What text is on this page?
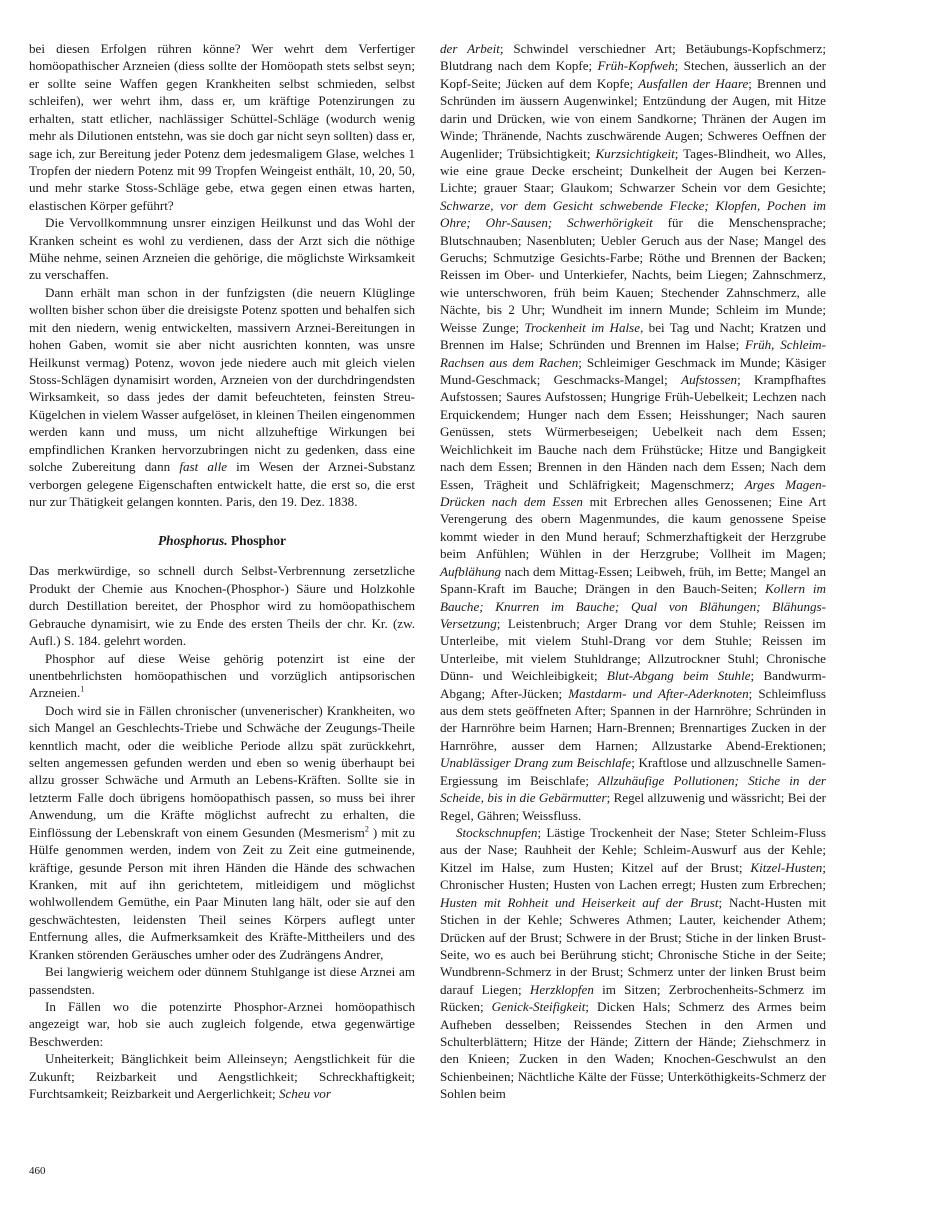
bei diesen Erfolgen rühren könne? Wer wehrt dem Verfertiger homöopathischer Arzneien (diess sollte der Homöopath stets selbst seyn; er sollte seine Waffen gegen Krankheiten selbst schmieden, selbst schleifen), wer wehrt ihm, dass er, um kräftige Potenzirungen zu erhalten, statt etlicher, nachlässiger Schüttel-Schläge (wodurch wenig mehr als Dilutionen entstehn, was sie doch gar nicht seyn sollten) dass er, sage ich, zur Bereitung jeder Potenz dem jedesmaligem Glase, welches 1 Tropfen der niedern Potenz mit 99 Tropfen Weingeist enthält, 10, 20, 50, und mehr starke Stoss-Schläge gebe, etwa gegen einen etwas harten, elastischen Körper geführt?

Die Vervollkommnung unsrer einzigen Heilkunst und das Wohl der Kranken scheint es wohl zu verdienen, dass der Arzt sich die nöthige Mühe nehme, seinen Arzneien die gehörige, die möglichste Wirksamkeit zu verschaffen.

Dann erhält man schon in der funfzigsten (die neuern Klüglinge wollten bisher schon über die dreisigste Potenz spotten und behalfen sich mit den niedern, wenig entwickelten, massivern Arznei-Bereitungen in hohen Gaben, womit sie aber nicht ausrichten konnten, was unsre Heilkunst vermag) Potenz, wovon jede niedere auch mit gleich vielen Stoss-Schlägen dynamisirt worden, Arzneien von der durchdringendsten Wirksamkeit, so dass jedes der damit befeuchteten, feinsten Streu-Kügelchen in vielem Wasser aufgelöset, in kleinen Theilen eingenommen werden kann und muss, um nicht allzuheftige Wirkungen bei empfindlichen Kranken hervorzubringen nicht zu gedenken, dass eine solche Zubereitung dann fast alle im Wesen der Arznei-Substanz verborgen gelegene Eigenschaften entwickelt hatte, die erst so, die erst nur zur Thätigkeit gelangen konnten. Paris, den 19. Dez. 1838.

Phosphorus. Phosphor

Das merkwürdige, so schnell durch Selbst-Verbrennung zersetzliche Produkt der Chemie aus Knochen-(Phosphor-) Säure und Holzkohle durch Destillation bereitet, der Phosphor wird zu homöopathischem Gebrauche dynamisirt, wie zu Ende des ersten Theils der chr. Kr. (zw. Aufl.) S. 184. gelehrt worden.

Phosphor auf diese Weise gehörig potenzirt ist eine der unentbehrlichsten homöopathischen und vorzüglich antipsorischen Arzneien.$^1$

Doch wird sie in Fällen chronischer (unvenerischer) Krankheiten, wo sich Mangel an Geschlechts-Triebe und Schwäche der Zeugungs-Theile kenntlich macht, oder die weibliche Periode allzu spät zurückkehrt, selten angemessen gefunden werden und eben so wenig überhaupt bei allzu grosser Schwäche und Armuth an Lebens-Kräften. Sollte sie in letzterm Falle doch übrigens homöopathisch passen, so muss bei ihrer Anwendung, um die Kräfte möglichst aufrecht zu erhalten, die Einflössung der Lebenskraft von einem Gesunden (Mesmerism$^2$ ) mit zu Hülfe genommen werden, indem von Zeit zu Zeit eine gutmeinende, kräftige, gesunde Person mit ihren Händen die Hände des schwachen Kranken, mit auf ihn gerichtetem, mitleidigem und möglichst wohlwollendem Gemüthe, ein Paar Minuten lang hält, oder sie auf den geschwächtesten, leidensten Theil seines Körpers auflegt unter Entfernung alles, die Aufmerksamkeit des Kräfte-Mittheilers und des Kranken störenden Geräusches umher oder des Zudrängens Andrer,

Bei langwierig weichem oder dünnem Stuhlgange ist diese Arznei am passendsten.

In Fällen wo die potenzirte Phosphor-Arznei homöopathisch angezeigt war, hob sie auch zugleich folgende, etwa gegenwärtige Beschwerden:

Unheiterkeit; Bänglichkeit beim Alleinseyn; Aengstlichkeit für die Zukunft; Reizbarkeit und Aengstlichkeit; Schreckhaftigkeit; Furchtsamkeit; Reizbarkeit und Aergerlichkeit; Scheu vor

der Arbeit; Schwindel verschiedner Art; Betäubungs-Kopfschmerz; Blutdrang nach dem Kopfe; Früh-Kopfweh; Stechen, äusserlich an der Kopf-Seite; Jücken auf dem Kopfe; Ausfallen der Haare; Brennen und Schründen im äussern Augenwinkel; Entzündung der Augen, mit Hitze darin und Drücken, wie von einem Sandkorne; Thränen der Augen im Winde; Thränende, Nachts zuschwärende Augen; Schweres Oeffnen der Augenlider; Trübsichtigkeit; Kurzsichtigkeit; Tages-Blindheit, wo Alles, wie eine graue Decke erscheint; Dunkelheit der Augen bei Kerzen-Lichte; grauer Staar; Glaukom; Schwarzer Schein vor dem Gesichte; Schwarze, vor dem Gesicht schwebende Flecke; Klopfen, Pochen im Ohre; Ohr-Sausen; Schwerhörigkeit für die Menschensprache; Blutschnauben; Nasenbluten; Uebler Geruch aus der Nase; Mangel des Geruchs; Schmutzige Gesichts-Farbe; Röthe und Brennen der Backen; Reissen im Ober- und Unterkiefer, Nachts, beim Liegen; Zahnschmerz, wie unterschworen, früh beim Kauen; Stechender Zahnschmerz, alle Nächte, bis 2 Uhr; Wundheit im innern Munde; Schleim im Munde; Weisse Zunge; Trockenheit im Halse, bei Tag und Nacht; Kratzen und Brennen im Halse; Schründen und Brennen im Halse; Früh, Schleim-Rachsen aus dem Rachen; Schleimiger Geschmack im Munde; Käsiger Mund-Geschmack; Geschmacks-Mangel; Aufstossen; Krampfhaftes Aufstossen; Saures Aufstossen; Hungrige Früh-Uebelkeit; Lechzen nach Erquickendem; Hunger nach dem Essen; Heisshunger; Nach sauren Genüssen, stets Würmerbeseigen; Uebelkeit nach dem Essen; Weichlichkeit im Bauche nach dem Frühstücke; Hitze und Bangigkeit nach dem Essen; Brennen in den Händen nach dem Essen; Nach dem Essen, Trägheit und Schläfrigkeit; Magenschmerz; Arges Magen-Drücken nach dem Essen mit Erbrechen alles Genossenen; Eine Art Verengerung des obern Magenmundes, die kaum genossene Speise kommt wieder in den Mund herauf; Schmerzhaftigkeit der Herzgrube beim Anfühlen; Wühlen in der Herzgrube; Vollheit im Magen; Aufblähung nach dem Mittag-Essen; Leibweh, früh, im Bette; Mangel an Spann-Kraft im Bauche; Drängen in den Bauch-Seiten; Kollern im Bauche; Knurren im Bauche; Qual von Blähungen; Blähungs-Versetzung; Leistenbruch; Arger Drang vor dem Stuhle; Reissen im Unterleibe, mit vielem Stuhl-Drang vor dem Stuhle; Reissen im Unterleibe, mit vielem Stuhldrange; Allzutrockner Stuhl; Chronische Dünn- und Weichleibigkeit; Blut-Abgang beim Stuhle; Bandwurm-Abgang; After-Jücken; Mastdarm- und After-Aderknoten; Schleimfluss aus dem stets geöffneten After; Spannen in der Harnröhre; Schründen in der Harnröhre beim Harnen; Harn-Brennen; Brennartiges Zucken in der Harnröhre, ausser dem Harnen; Allzustarke Abend-Erektionen; Unablässiger Drang zum Beischlafe; Kraftlose und allzuschnelle Samen-Ergiessung im Beischlafe; Allzuhäufige Pollutionen; Stiche in der Scheide, bis in die Gebärmutter; Regel allzuwenig und wässricht; Bei der Regel, Gähren; Weissfluss.

Stockschnupfen; Lästige Trockenheit der Nase; Steter Schleim-Fluss aus der Nase; Rauhheit der Kehle; Schleim-Auswurf aus der Kehle; Kitzel im Halse, zum Husten; Kitzel auf der Brust; Kitzel-Husten; Chronischer Husten; Husten von Lachen erregt; Husten zum Erbrechen; Husten mit Rohheit und Heiserkeit auf der Brust; Nacht-Husten mit Stichen in der Kehle; Schweres Athmen; Lauter, keichender Athem; Drücken auf der Brust; Schwere in der Brust; Stiche in der linken Brust-Seite, wo es auch bei Berührung sticht; Chronische Stiche in der Seite; Wundbrenn-Schmerz in der Brust; Schmerz unter der linken Brust beim darauf Liegen; Herzklopfen im Sitzen; Zerbrochenheits-Schmerz im Rücken; Genick-Steifigkeit; Dicken Hals; Schmerz des Armes beim Aufheben desselben; Reissendes Stechen in den Armen und Schulterblättern; Hitze der Hände; Zittern der Hände; Ziehschmerz in den Knieen; Zucken in den Waden; Knochen-Geschwulst an den Schienbeinen; Nächtliche Kälte der Füsse; Unterköthigkeits-Schmerz der Sohlen beim

460
